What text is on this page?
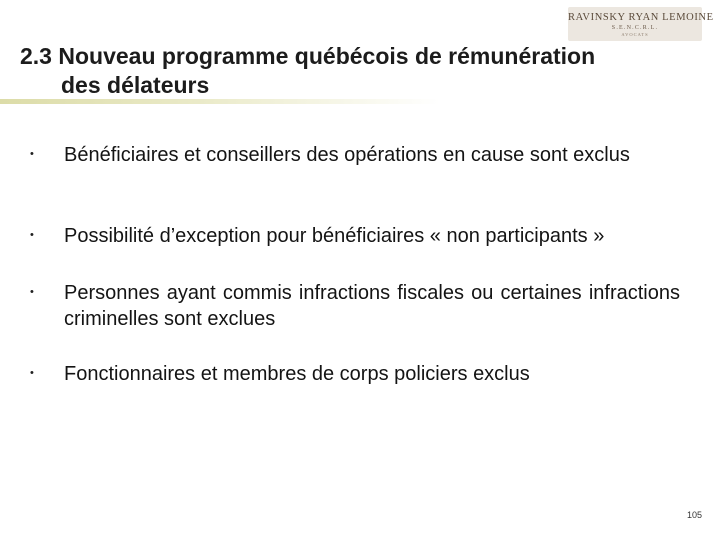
RAVINSKY RYAN LEMOINE
S.E.N.C.R.L.
AVOCATS
2.3 Nouveau programme québécois de rémunération
des délateurs
• Bénéficiaires et conseillers des opérations en cause sont exclus
• Possibilité d’exception pour bénéficiaires « non participants »
• Personnes ayant commis infractions fiscales ou certaines infractions criminelles sont exclues
• Fonctionnaires et membres de corps policiers exclus
105
